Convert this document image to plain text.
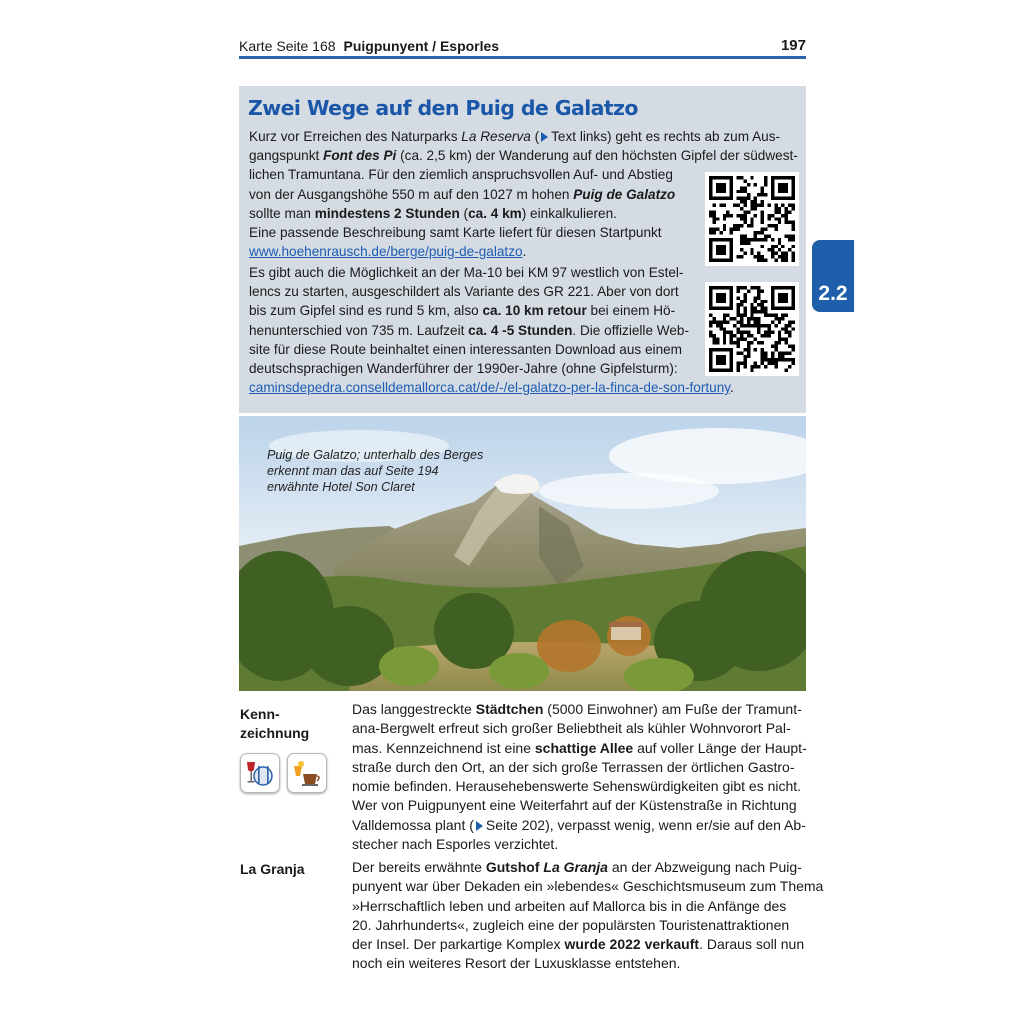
Karte Seite 168 Puigpunyent / Esporles	197
2.2
Zwei Wege auf den Puig de Galatzo
Kurz vor Erreichen des Naturparks La Reserva ( Text links) geht es rechts ab zum Aus-
gangspunkt Font des Pi (ca. 2,5 km) der Wanderung auf den höchsten Gipfel der südwest-
lichen Tramuntana. Für den ziemlich anspruchsvollen Auf- und Abstieg
von der Ausgangshöhe 550 m auf den 1027 m hohen Puig de Galatzo
sollte man mindestens 2 Stunden (ca. 4 km) einkalkulieren.
Eine passende Beschreibung samt Karte liefert für diesen Startpunkt
www.hoehenrausch.de/berge/puig-de-galatzo.
Es gibt auch die Möglichkeit an der Ma-10 bei KM 97 westlich von Estel-
lencs zu starten, ausgeschildert als Variante des GR 221. Aber von dort
bis zum Gipfel sind es rund 5 km, also ca. 10 km retour bei einem Hö-
henunterschied von 735 m. Laufzeit ca. 4 -5 Stunden. Die offizielle Web-
site für diese Route beinhaltet einen interessanten Download aus einem
deutschsprachigen Wanderführer der 1990er-Jahre (ohne Gipfelsturm):
caminsdepedra.conselldemallorca.cat/de/-/el-galatzo-per-la-finca-de-son-fortuny.
Puig de Galatzo; unterhalb des Berges
erkennt man das auf Seite 194
erwähnte Hotel Son Claret
Kenn-
zeichnung
Das langgestreckte Städtchen (5000 Einwohner) am Fuße der Tramunt-
ana-Bergwelt erfreut sich großer Beliebtheit als kühler Wohnvorort Pal-
mas. Kennzeichnend ist eine schattige Allee auf voller Länge der Haupt-
straße durch den Ort, an der sich große Terrassen der örtlichen Gastro-
nomie befinden. Herausehebenswerte Sehenswürdigkeiten gibt es nicht.
Wer von Puigpunyent eine Weiterfahrt auf der Küstenstraße in Richtung
Valldemossa plant ( Seite 202), verpasst wenig, wenn er/sie auf den Ab-
stecher nach Esporles verzichtet.
La Granja	Der bereits erwähnte Gutshof La Granja an der Abzweigung nach Puig-
punyent war über Dekaden ein »lebendes« Geschichtsmuseum zum Thema
»Herrschaftlich leben und arbeiten auf Mallorca bis in die Anfänge des
20. Jahrhunderts«, zugleich eine der populärsten Touristenattraktionen
der Insel. Der parkartige Komplex wurde 2022 verkauft. Daraus soll nun
noch ein weiteres Resort der Luxusklasse entstehen.
